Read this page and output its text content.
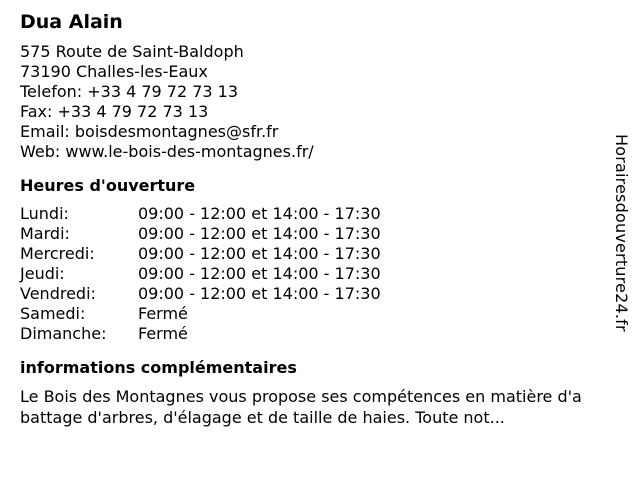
Dua Alain
575 Route de Saint-Baldoph
73190 Challes-les-Eaux
Telefon: +33 4 79 72 73 13
Fax: +33 4 79 72 73 13
Email: boisdesmontagnes@sfr.fr
Web: www.le-bois-des-montagnes.fr/
Heures d'ouverture
Lundi:	09:00 - 12:00 et 14:00 - 17:30
Mardi:	09:00 - 12:00 et 14:00 - 17:30
Mercredi:	09:00 - 12:00 et 14:00 - 17:30
Jeudi:	09:00 - 12:00 et 14:00 - 17:30
Vendredi:	09:00 - 12:00 et 14:00 - 17:30
Samedi:	Fermé
Dimanche:	Fermé
informations complémentaires
Le Bois des Montagnes vous propose ses compétences en matière d'a
battage d'arbres, d'élagage et de taille de haies. Toute not...
Horairesdouverture24.fr
